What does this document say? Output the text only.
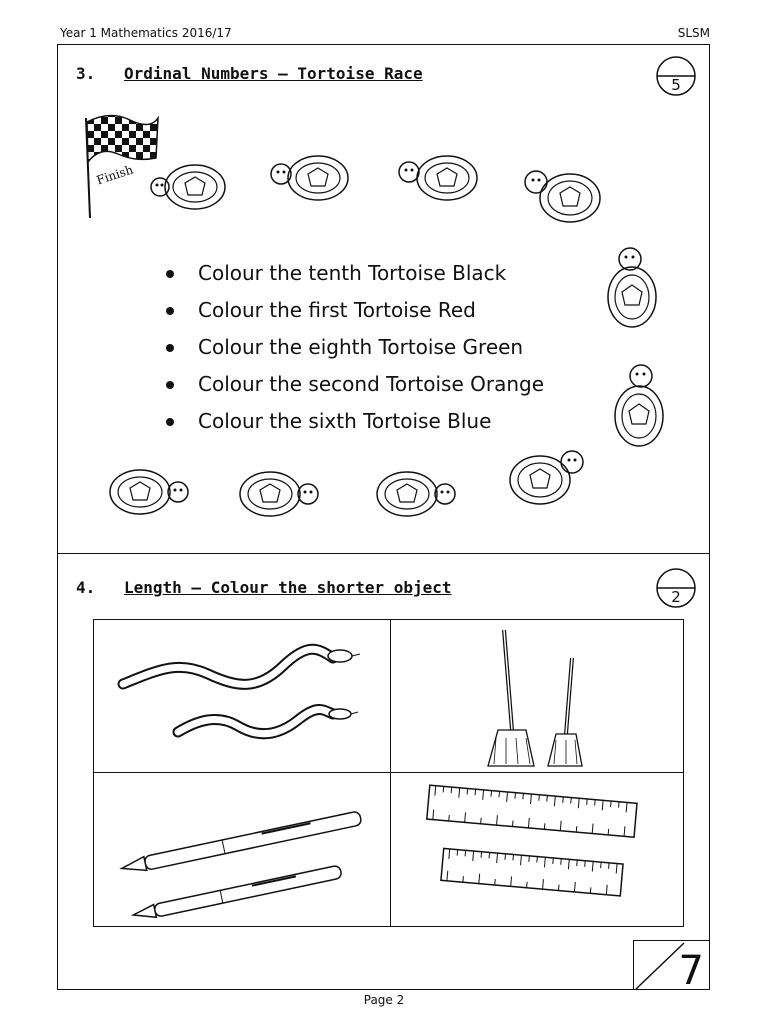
Year 1 Mathematics 2016/17	SLSM
3. Ordinal Numbers – Tortoise Race
5
Finish
Colour the tenth Tortoise Black
Colour the first Tortoise Red
Colour the eighth Tortoise Green
Colour the second Tortoise Orange
Colour the sixth Tortoise Blue
4. Length – Colour the shorter object	2
7
Page 2
